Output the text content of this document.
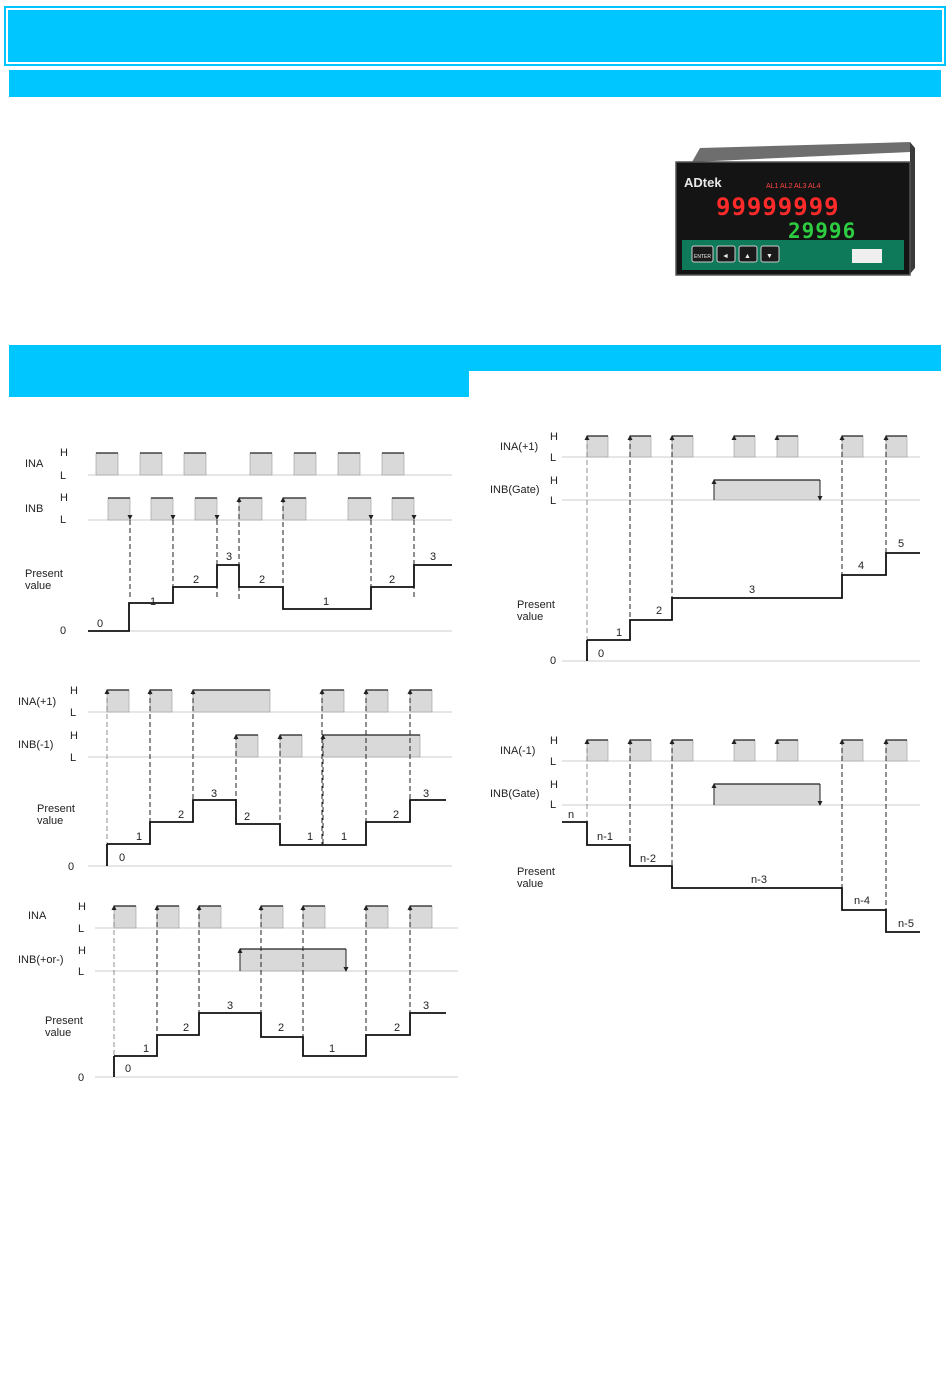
ADtek	AL1 AL2 AL3 AL4
99999999
29996
ENTER ◄ ▲ ▼
INA
INB
Present
value
0
H
L
H
L
0
1
2
3
2
1
2
3
INA(+1)
INB(-1)
Present
value
0
H
L
H
L
0
1
2
3
2
1	1
2
3
INA
INB(+or-)
Present
value
0
H
L
H
L
0
1
2
3
2
1
2
3
INA(+1)
INB(Gate)
Present
value
0
H
L
H
L
0
1
2
3
4
5
INA(-1)
INB(Gate)
Present
value
H
L
H
L
n
n-1
n-2
n-3
n-4
n-5
